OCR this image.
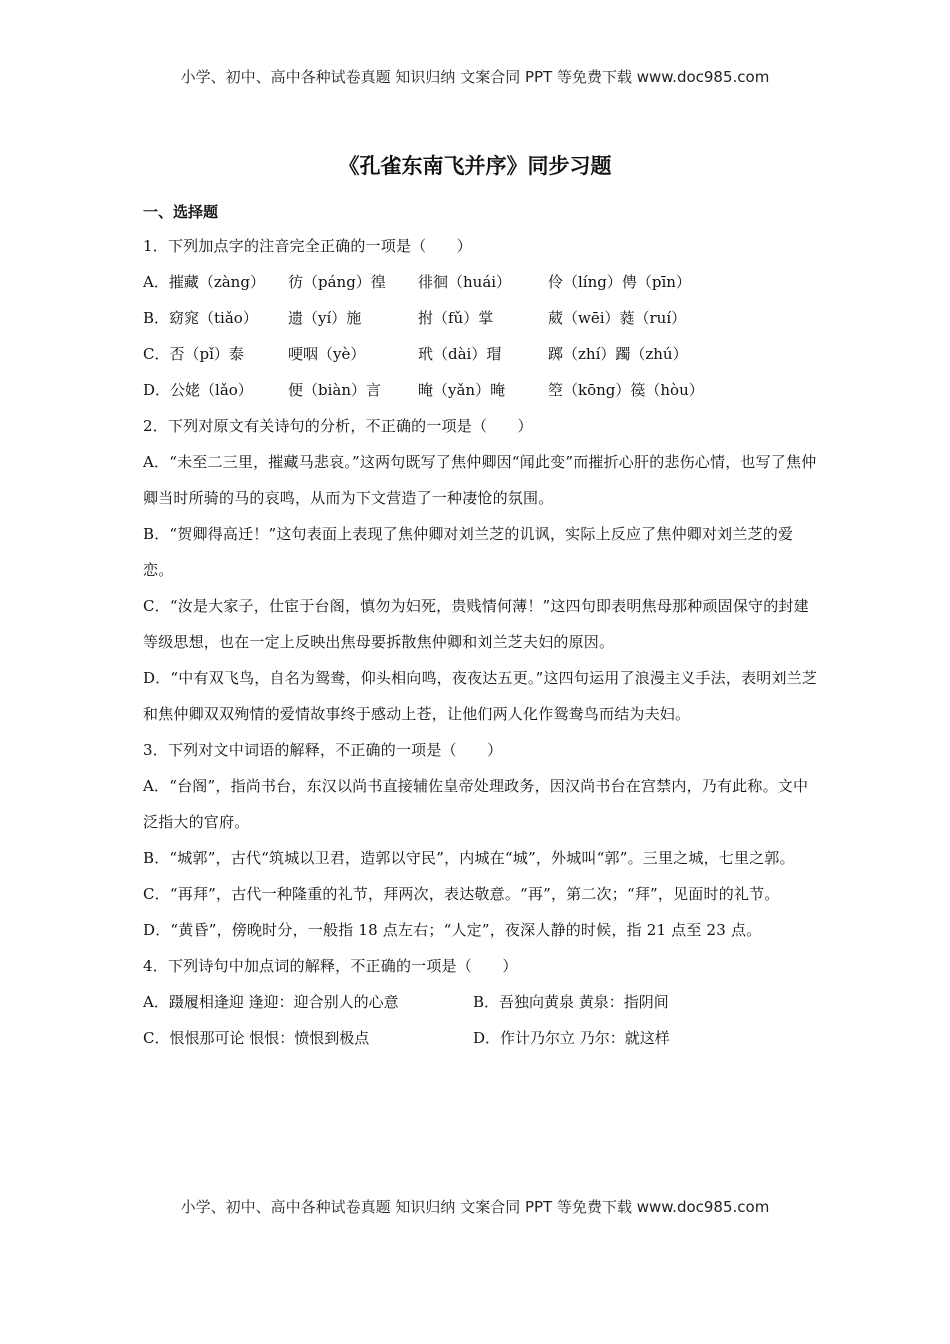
小学、初中、高中各种试卷真题 知识归纳 文案合同 PPT 等免费下载 www.doc985.com
《孔雀东南飞并序》同步习题
一、选择题
1．下列加点字的注音完全正确的一项是（　　）
A．摧藏（zàng） 彷（páng）徨 徘徊（huái） 伶（líng）俜（pīn）
B．窈窕（tiǎo） 遗（yí）施	拊（fǔ）掌	葳（wēi）蕤（ruí）
C．否（pǐ）泰	哽咽（yè）	玳（dài）瑁	踯（zhí）躅（zhú）
D．公姥（lǎo） 便（biàn）言 晻（yǎn）晻	箜（kōng）篌（hòu）
2．下列对原文有关诗句的分析，不正确的一项是（　　）

A．“未至二三里，摧藏马悲哀。”这两句既写了焦仲卿因“闻此变”而摧折心肝的悲伤心情，也写了焦仲卿当时所骑的马的哀鸣，从而为下文营造了一种凄怆的氛围。

B．“贺卿得高迁！”这句表面上表现了焦仲卿对刘兰芝的讥讽，实际上反应了焦仲卿对刘兰芝的爱恋。

C．“汝是大家子，仕宦于台阁，慎勿为妇死，贵贱情何薄！”这四句即表明焦母那种顽固保守的封建等级思想，也在一定上反映出焦母要拆散焦仲卿和刘兰芝夫妇的原因。

D．“中有双飞鸟，自名为鸳鸯，仰头相向鸣，夜夜达五更。”这四句运用了浪漫主义手法，表明刘兰芝和焦仲卿双双殉情的爱情故事终于感动上苍，让他们两人化作鸳鸯鸟而结为夫妇。

3．下列对文中词语的解释，不正确的一项是（　　）

A．“台阁”，指尚书台，东汉以尚书直接辅佐皇帝处理政务，因汉尚书台在宫禁内，乃有此称。文中泛指大的官府。

B．“城郭”，古代“筑城以卫君，造郭以守民”，内城在“城”，外城叫“郭”。三里之城，七里之郭。

C．“再拜”，古代一种隆重的礼节，拜两次，表达敬意。“再”，第二次；“拜”，见面时的礼节。

D．“黄昏”，傍晚时分，一般指 18 点左右；“人定”，夜深人静的时候，指 21 点至 23 点。

4．下列诗句中加点词的解释，不正确的一项是（　　）
A．蹑履相逢迎 逢迎：迎合别人的心意	B．吾独向黄泉 黄泉：指阴间
C．恨恨那可论 恨恨：愤恨到极点	D．作计乃尔立 乃尔：就这样
小学、初中、高中各种试卷真题 知识归纳 文案合同 PPT 等免费下载 www.doc985.com
